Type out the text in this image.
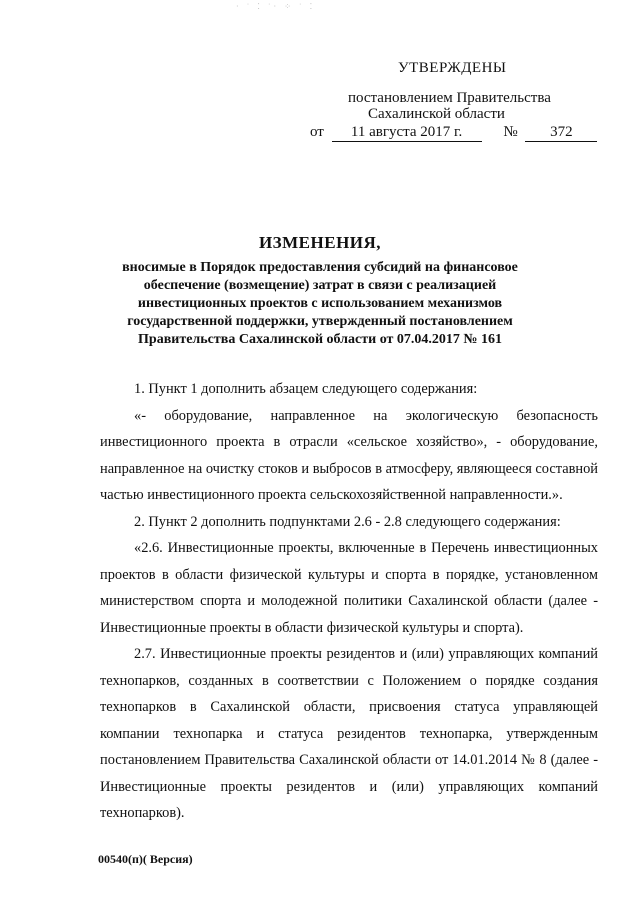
· ˙ ⁚ ˙· ⁘ ˙ ⁚
УТВЕРЖДЕНЫ
постановлением Правительства
Сахалинской области
от 11 августа 2017 г.	№ 372
ИЗМЕНЕНИЯ,
вносимые в Порядок предоставления субсидий на финансовое
обеспечение (возмещение) затрат в связи с реализацией
инвестиционных проектов с использованием механизмов
государственной поддержки, утвержденный постановлением
Правительства Сахалинской области от 07.04.2017 № 161

1. Пункт 1 дополнить абзацем следующего содержания:

«- оборудование, направленное на экологическую безопасность инвестиционного проекта в отрасли «сельское хозяйство», - оборудование, направленное на очистку стоков и выбросов в атмосферу, являющееся составной частью инвестиционного проекта сельскохозяйственной направленности.».

2. Пункт 2 дополнить подпунктами 2.6 - 2.8 следующего содержания:

«2.6. Инвестиционные проекты, включенные в Перечень инвестиционных проектов в области физической культуры и спорта в порядке, установленном министерством спорта и молодежной политики Сахалинской области (далее - Инвестиционные проекты в области физической культуры и спорта).

2.7. Инвестиционные проекты резидентов и (или) управляющих компаний технопарков, созданных в соответствии с Положением о порядке создания технопарков в Сахалинской области, присвоения статуса управляющей компании технопарка и статуса резидентов технопарка, утвержденным постановлением Правительства Сахалинской области от 14.01.2014 № 8 (далее - Инвестиционные проекты резидентов и (или) управляющих компаний технопарков).

00540(п)( Версия)
